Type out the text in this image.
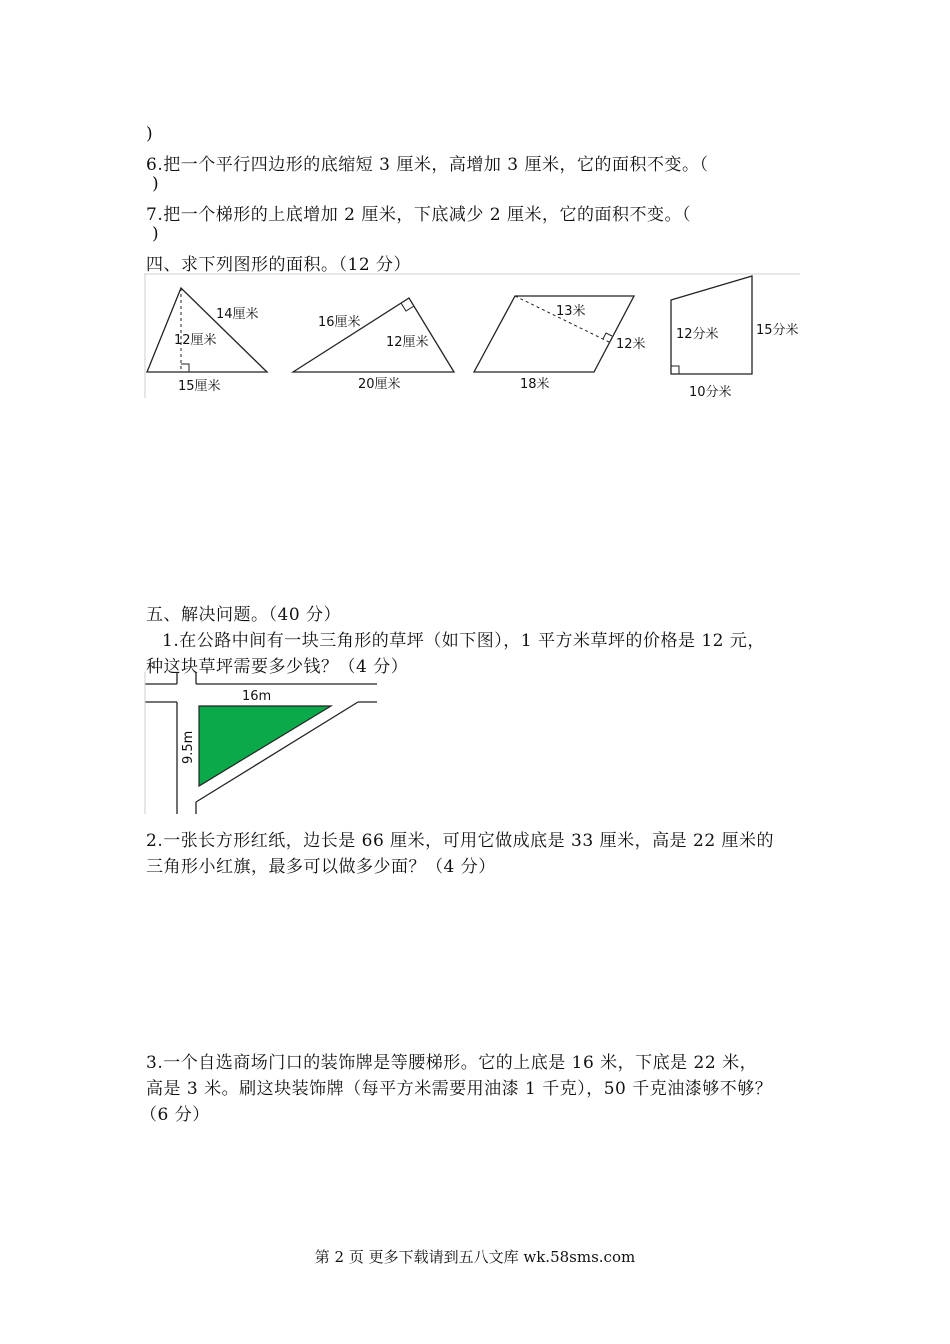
)
6.把一个平行四边形的底缩短 3 厘米，高增加 3 厘米，它的面积不变。（
)
7.把一个梯形的上底增加 2 厘米，下底减少 2 厘米，它的面积不变。（
)
四、求下列图形的面积。（12 分）
14厘米
12厘米
15厘米
16厘米
12厘米
20厘米
13米
12米
18米
12分米	15分米
10分米
五、解决问题。（40 分）
1.在公路中间有一块三角形的草坪（如下图），1 平方米草坪的价格是 12 元，
种这块草坪需要多少钱？（4 分）
16m
9.5m
2.一张长方形红纸，边长是 66 厘米，可用它做成底是 33 厘米，高是 22 厘米的
三角形小红旗，最多可以做多少面？（4 分）
3.一个自选商场门口的装饰牌是等腰梯形。它的上底是 16 米，下底是 22 米，
高是 3 米。刷这块装饰牌（每平方米需要用油漆 1 千克），50 千克油漆够不够？
（6 分）
第 2 页 更多下载请到五八文库 wk.58sms.com
